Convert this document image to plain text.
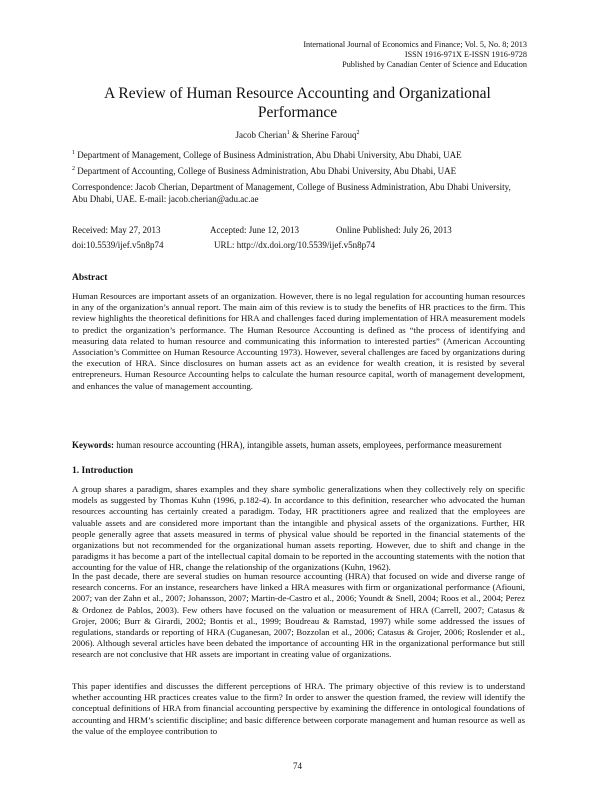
International Journal of Economics and Finance; Vol. 5, No. 8; 2013
ISSN 1916-971X E-ISSN 1916-9728
Published by Canadian Center of Science and Education
A Review of Human Resource Accounting and Organizational Performance
Jacob Cherian$^1$ & Sherine Farouq$^2$
$^1$ Department of Management, College of Business Administration, Abu Dhabi University, Abu Dhabi, UAE
$^2$ Department of Accounting, College of Business Administration, Abu Dhabi University, Abu Dhabi, UAE
Correspondence: Jacob Cherian, Department of Management, College of Business Administration, Abu Dhabi University, Abu Dhabi, UAE. E-mail: jacob.cherian@adu.ac.ae
Received: May 27, 2013	Accepted: June 12, 2013	Online Published: July 26, 2013
doi:10.5539/ijef.v5n8p74	URL: http://dx.doi.org/10.5539/ijef.v5n8p74
Abstract
Human Resources are important assets of an organization. However, there is no legal regulation for accounting human resources in any of the organization’s annual report. The main aim of this review is to study the benefits of HR practices to the firm. This review highlights the theoretical definitions for HRA and challenges faced during implementation of HRA measurement models to predict the organization’s performance. The Human Resource Accounting is defined as “the process of identifying and measuring data related to human resource and communicating this information to interested parties” (American Accounting Association’s Committee on Human Resource Accounting 1973). However, several challenges are faced by organizations during the execution of HRA. Since disclosures on human assets act as an evidence for wealth creation, it is resisted by several entrepreneurs. Human Resource Accounting helps to calculate the human resource capital, worth of management development, and enhances the value of management accounting.
Keywords: human resource accounting (HRA), intangible assets, human assets, employees, performance measurement
1. Introduction
A group shares a paradigm, shares examples and they share symbolic generalizations when they collectively rely on specific models as suggested by Thomas Kuhn (1996, p.182-4). In accordance to this definition, researcher who advocated the human resources accounting has certainly created a paradigm. Today, HR practitioners agree and realized that the employees are valuable assets and are considered more important than the intangible and physical assets of the organizations. Further, HR people generally agree that assets measured in terms of physical value should be reported in the financial statements of the organizations but not recommended for the organizational human assets reporting. However, due to shift and change in the paradigms it has become a part of the intellectual capital domain to be reported in the accounting statements with the notion that accounting for the value of HR, change the relationship of the organizations (Kuhn, 1962).
In the past decade, there are several studies on human resource accounting (HRA) that focused on wide and diverse range of research concerns. For an instance, researchers have linked a HRA measures with firm or organizational performance (Afiouni, 2007; van der Zahn et al., 2007; Johansson, 2007; Martin-de-Castro et al., 2006; Youndt & Snell, 2004; Roos et al., 2004; Perez & Ordonez de Pablos, 2003). Few others have focused on the valuation or measurement of HRA (Carrell, 2007; Catasus & Grojer, 2006; Burr & Girardi, 2002; Bontis et al., 1999; Boudreau & Ramstad, 1997) while some addressed the issues of regulations, standards or reporting of HRA (Cuganesan, 2007; Bozzolan et al., 2006; Catasus & Grojer, 2006; Roslender et al., 2006). Although several articles have been debated the importance of accounting HR in the organizational performance but still research are not conclusive that HR assets are important in creating value of organizations.
This paper identifies and discusses the different perceptions of HRA. The primary objective of this review is to understand whether accounting HR practices creates value to the firm? In order to answer the question framed, the review will identify the conceptual definitions of HRA from financial accounting perspective by examining the difference in ontological foundations of accounting and HRM’s scientific discipline; and basic difference between corporate management and human resource as well as the value of the employee contribution to
74
